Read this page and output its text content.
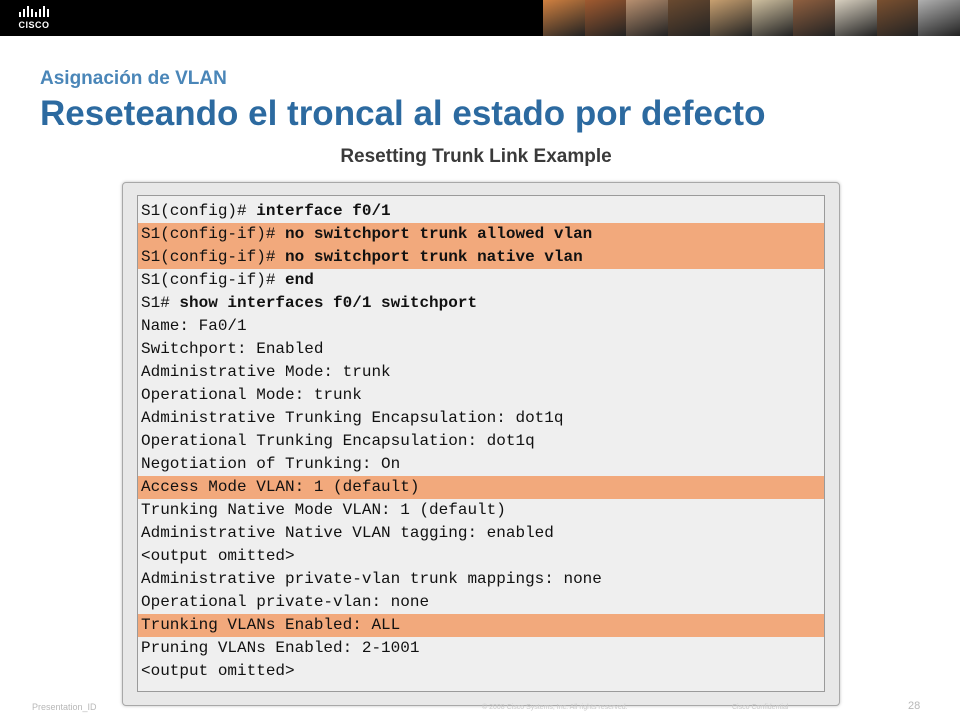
CISCO
Asignación de VLAN
Reseteando el troncal al estado por defecto
Resetting Trunk Link Example
S1(config)# interface f0/1
S1(config-if)# no switchport trunk allowed vlan
S1(config-if)# no switchport trunk native vlan
S1(config-if)# end
S1# show interfaces f0/1 switchport
Name: Fa0/1
Switchport: Enabled
Administrative Mode: trunk
Operational Mode: trunk
Administrative Trunking Encapsulation: dot1q
Operational Trunking Encapsulation: dot1q
Negotiation of Trunking: On
Access Mode VLAN: 1 (default)
Trunking Native Mode VLAN: 1 (default)
Administrative Native VLAN tagging: enabled
<output omitted>
Administrative private-vlan trunk mappings: none
Operational private-vlan: none
Trunking VLANs Enabled: ALL
Pruning VLANs Enabled: 2-1001
<output omitted>
Presentation_ID	© 2008 Cisco Systems, Inc. All rights reserved.	Cisco Confidential	28
